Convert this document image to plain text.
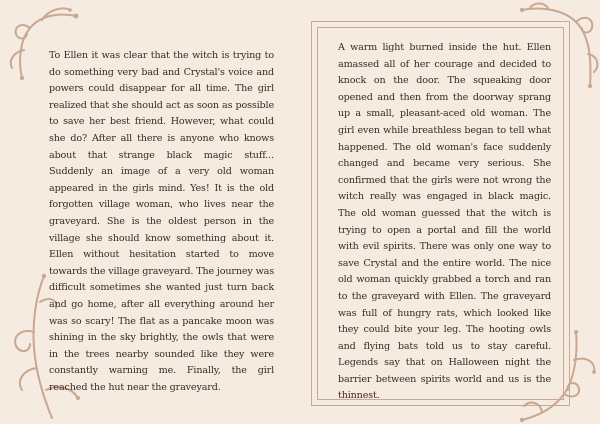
To Ellen it was clear that the witch is trying to do something very bad and Crystal's voice and powers could disappear for all time. The girl realized that she should act as soon as possible to save her best friend. However, what could she do? After all there is anyone who knows about that strange black magic stuff... Suddenly an image of a very old woman appeared in the girls mind. Yes! It is the old forgotten village woman, who lives near the graveyard. She is the oldest person in the village she should know something about it. Ellen without hesitation started to move towards the village graveyard. The journey was difficult sometimes she wanted just turn back and go home, after all everything around her was so scary! The flat as a pancake moon was shining in the sky brightly, the owls that were in the trees nearby sounded like they were constantly warning me. Finally, the girl reached the hut near the graveyard.

A warm light burned inside the hut. Ellen amassed all of her courage and decided to knock on the door. The squeaking door opened and then from the doorway sprang up a small, pleasant-aced old woman. The girl even while breathless began to tell what happened. The old woman's face suddenly changed and became very serious. She confirmed that the girls were not wrong the witch really was engaged in black magic. The old woman guessed that the witch is trying to open a portal and fill the world with evil spirits. There was only one way to save Crystal and the entire world. The nice old woman quickly grabbed a torch and ran to the graveyard with Ellen. The graveyard was full of hungry rats, which looked like they could bite your leg. The hooting owls and flying bats told us to stay careful. Legends say that on Halloween night the barrier between spirits world and us is the thinnest.
